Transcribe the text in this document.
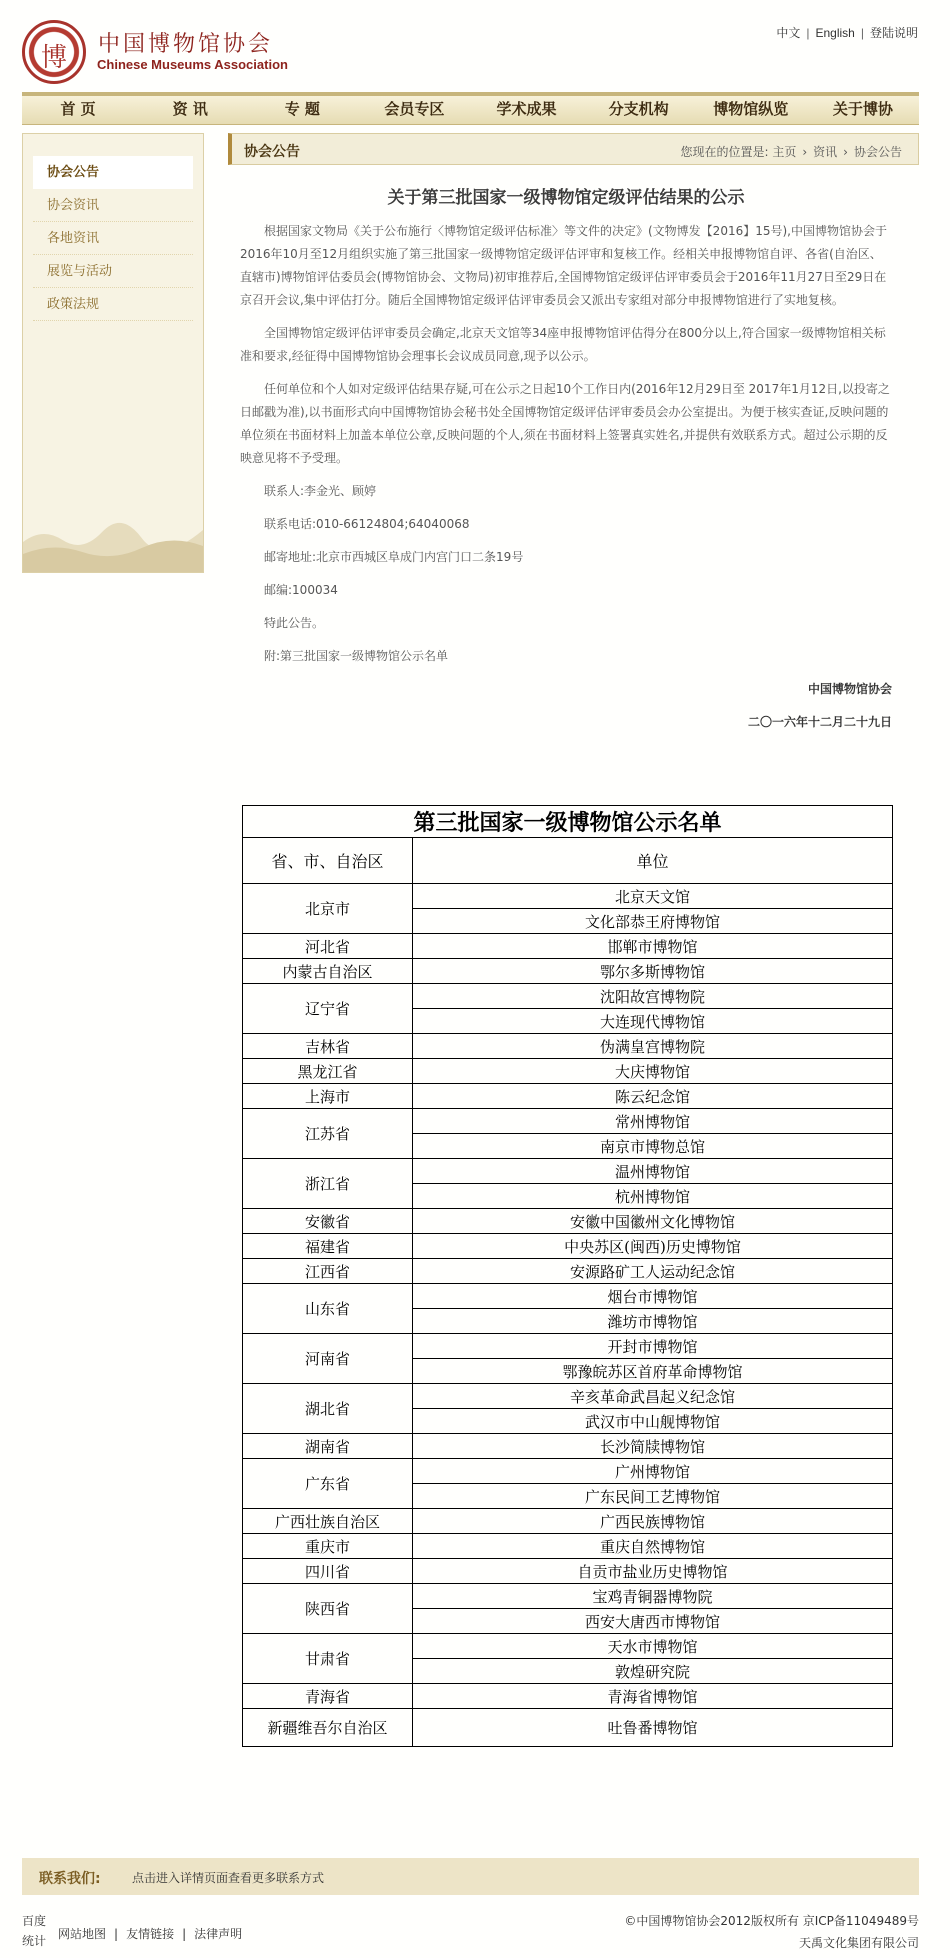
博	中国博物馆协会
Chinese Museums Association
中文 | English | 登陆说明
首 页	资 讯	专 题	会员专区	学术成果	分支机构	博物馆纵览	关于博协
协会公告
协会资讯
各地资讯
展览与活动
政策法规
协会公告	您现在的位置是: 主页 › 资讯 › 协会公告
关于第三批国家一级博物馆定级评估结果的公示

根据国家文物局《关于公布施行〈博物馆定级评估标准〉等文件的决定》(文物博发【2016】15号),中国博物馆协会于2016年10月至12月组织实施了第三批国家一级博物馆定级评估评审和复核工作。经相关申报博物馆自评、各省(自治区、直辖市)博物馆评估委员会(博物馆协会、文物局)初审推荐后,全国博物馆定级评估评审委员会于2016年11月27日至29日在京召开会议,集中评估打分。随后全国博物馆定级评估评审委员会又派出专家组对部分申报博物馆进行了实地复核。

全国博物馆定级评估评审委员会确定,北京天文馆等34座申报博物馆评估得分在800分以上,符合国家一级博物馆相关标准和要求,经征得中国博物馆协会理事长会议成员同意,现予以公示。

任何单位和个人如对定级评估结果存疑,可在公示之日起10个工作日内(2016年12月29日至 2017年1月12日,以投寄之日邮戳为准),以书面形式向中国博物馆协会秘书处全国博物馆定级评估评审委员会办公室提出。为便于核实查证,反映问题的单位须在书面材料上加盖本单位公章,反映问题的个人,须在书面材料上签署真实姓名,并提供有效联系方式。超过公示期的反映意见将不予受理。

联系人:李金光、顾婷

联系电话:010-66124804;64040068

邮寄地址:北京市西城区阜成门内宫门口二条19号

邮编:100034

特此公告。

附:第三批国家一级博物馆公示名单

中国博物馆协会
二〇一六年十二月二十九日
第三批国家一级博物馆公示名单	
省、市、自治区	单位
北京市	北京天文馆
	文化部恭王府博物馆
河北省	邯郸市博物馆
内蒙古自治区	鄂尔多斯博物馆
辽宁省	沈阳故宫博物院
	大连现代博物馆
吉林省	伪满皇宫博物院
黑龙江省	大庆博物馆
上海市	陈云纪念馆
江苏省	常州博物馆
	南京市博物总馆
浙江省	温州博物馆
	杭州博物馆
安徽省	安徽中国徽州文化博物馆
福建省	中央苏区(闽西)历史博物馆
江西省	安源路矿工人运动纪念馆
山东省	烟台市博物馆
	潍坊市博物馆
河南省	开封市博物馆
	鄂豫皖苏区首府革命博物馆
湖北省	辛亥革命武昌起义纪念馆
	武汉市中山舰博物馆
湖南省	长沙简牍博物馆
广东省	广州博物馆
	广东民间工艺博物馆
广西壮族自治区	广西民族博物馆
重庆市	重庆自然博物馆
四川省	自贡市盐业历史博物馆
陕西省	宝鸡青铜器博物院
	西安大唐西市博物馆
甘肃省	天水市博物馆
	敦煌研究院
青海省	青海省博物馆
新疆维吾尔自治区	吐鲁番博物馆
联系我们:	点击进入详情页面查看更多联系方式
百度统计 网站地图 | 友情链接 | 法律声明
©中国博物馆协会2012版权所有 京ICP备11049489号
天禹文化集团有限公司
